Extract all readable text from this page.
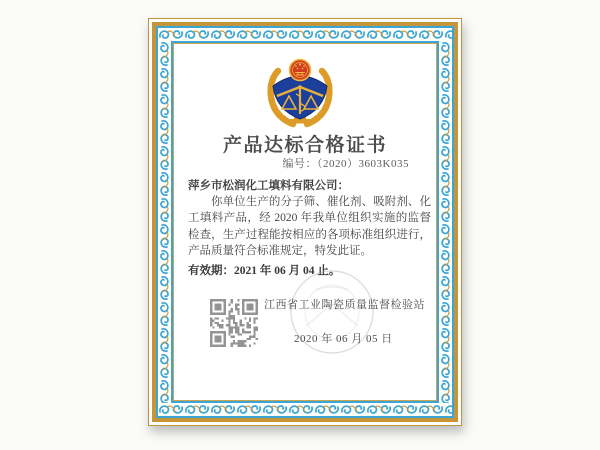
产品达标合格证书
编号：（2020）3603K035
萍乡市松润化工填料有限公司：
你单位生产的分子筛、催化剂、吸附剂、化工填料产品，经 2020 年我单位组织实施的监督检查，生产过程能按相应的各项标准组织进行，产品质量符合标准规定，特发此证。
有效期：2021 年 06 月 04 止。
江西省工业陶瓷质量监督检验站
2020 年 06 月 05 日
